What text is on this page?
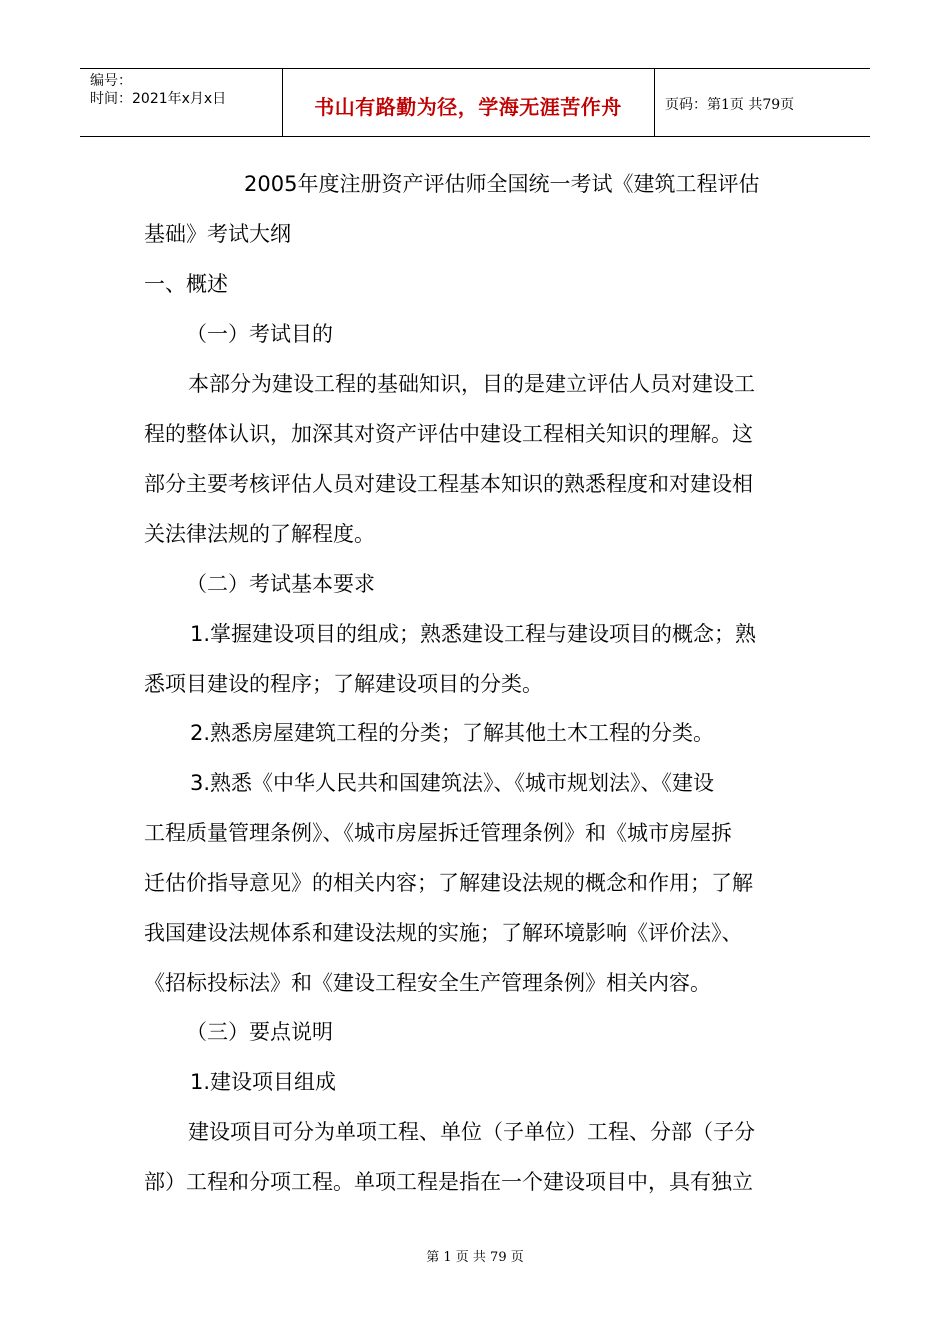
编号：
时间：2021年x月x日	书山有路勤为径，学海无涯苦作舟	页码：第1页 共79页
2005年度注册资产评估师全国统一考试《建筑工程评估
基础》考试大纲
一、概述
（一）考试目的
本部分为建设工程的基础知识，目的是建立评估人员对建设工
程的整体认识，加深其对资产评估中建设工程相关知识的理解。这
部分主要考核评估人员对建设工程基本知识的熟悉程度和对建设相
关法律法规的了解程度。
（二）考试基本要求
1.掌握建设项目的组成；熟悉建设工程与建设项目的概念；熟
悉项目建设的程序；了解建设项目的分类。
2.熟悉房屋建筑工程的分类；了解其他土木工程的分类。
3.熟悉《中华人民共和国建筑法》、《城市规划法》、《建设
工程质量管理条例》、《城市房屋拆迁管理条例》和《城市房屋拆
迁估价指导意见》的相关内容；了解建设法规的概念和作用；了解
我国建设法规体系和建设法规的实施；了解环境影响《评价法》、
《招标投标法》和《建设工程安全生产管理条例》相关内容。
（三）要点说明
1.建设项目组成
建设项目可分为单项工程、单位（子单位）工程、分部（子分
部）工程和分项工程。单项工程是指在一个建设项目中，具有独立
第 1 页 共 79 页
